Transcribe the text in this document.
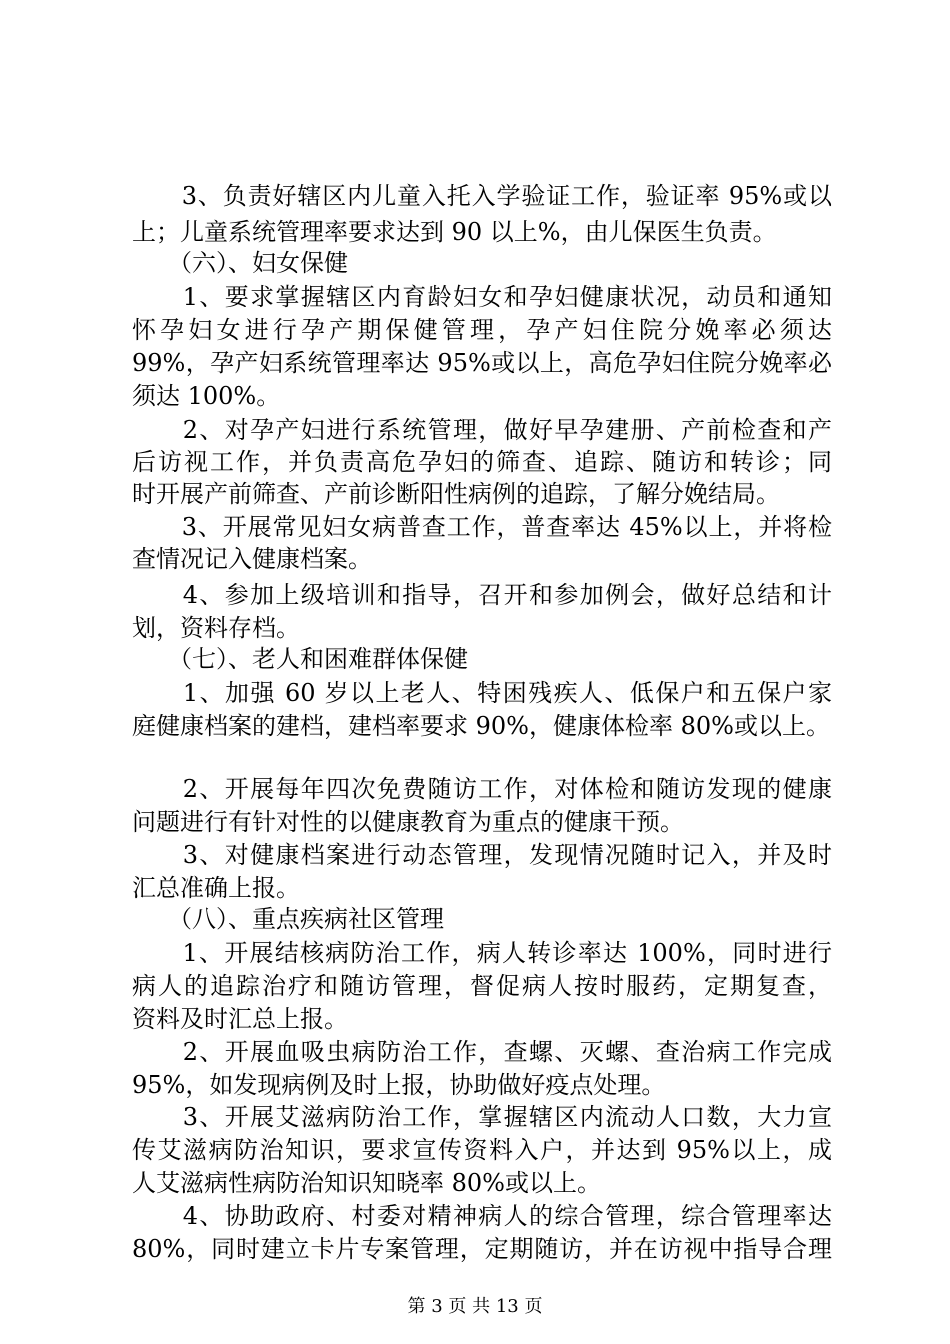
　　3、负责好辖区内儿童入托入学验证工作，验证率 95%或以
上；儿童系统管理率要求达到 90 以上%，由儿保医生负责。
　　（六）、妇女保健
　　1、要求掌握辖区内育龄妇女和孕妇健康状况，动员和通知
怀孕妇女进行孕产期保健管理，孕产妇住院分娩率必须达
99%，孕产妇系统管理率达 95%或以上，高危孕妇住院分娩率必
须达 100%。
　　2、对孕产妇进行系统管理，做好早孕建册、产前检查和产
后访视工作，并负责高危孕妇的筛查、追踪、随访和转诊；同
时开展产前筛查、产前诊断阳性病例的追踪，了解分娩结局。
　　3、开展常见妇女病普查工作，普查率达 45%以上，并将检
查情况记入健康档案。
　　4、参加上级培训和指导，召开和参加例会，做好总结和计
划，资料存档。
　　（七）、老人和困难群体保健
　　1、加强 60 岁以上老人、特困残疾人、低保户和五保户家
庭健康档案的建档，建档率要求 90%，健康体检率 80%或以上。
　　2、开展每年四次免费随访工作，对体检和随访发现的健康
问题进行有针对性的以健康教育为重点的健康干预。
　　3、对健康档案进行动态管理，发现情况随时记入，并及时
汇总准确上报。
　　（八）、重点疾病社区管理
　　1、开展结核病防治工作，病人转诊率达 100%，同时进行
病人的追踪治疗和随访管理，督促病人按时服药，定期复查，
资料及时汇总上报。
　　2、开展血吸虫病防治工作，查螺、灭螺、查治病工作完成
95%，如发现病例及时上报，协助做好疫点处理。
　　3、开展艾滋病防治工作，掌握辖区内流动人口数，大力宣
传艾滋病防治知识，要求宣传资料入户，并达到 95%以上，成
人艾滋病性病防治知识知晓率 80%或以上。
　　4、协助政府、村委对精神病人的综合管理，综合管理率达
80%，同时建立卡片专案管理，定期随访，并在访视中指导合理
第 3 页 共 13 页
